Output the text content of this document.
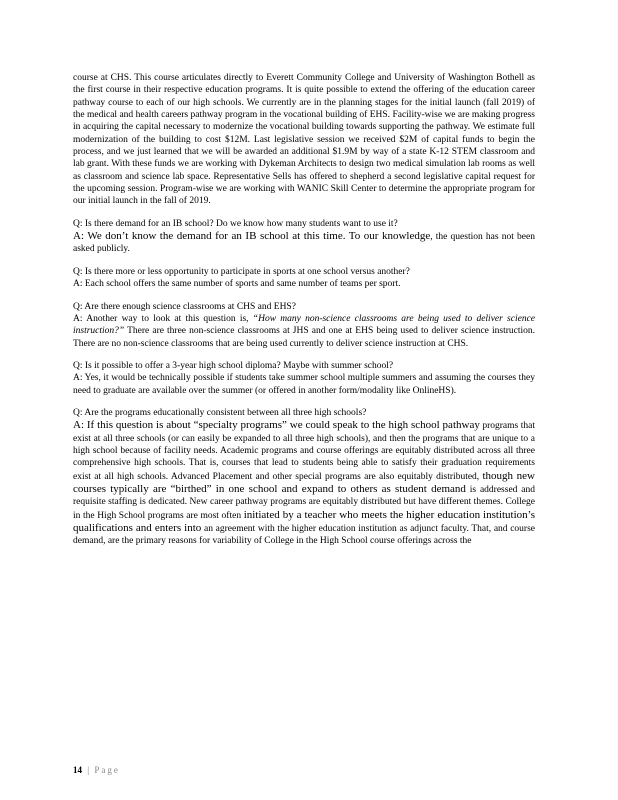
course at CHS. This course articulates directly to Everett Community College and University of Washington Bothell as the first course in their respective education programs. It is quite possible to extend the offering of the education career pathway course to each of our high schools. We currently are in the planning stages for the initial launch (fall 2019) of the medical and health careers pathway program in the vocational building of EHS. Facility-wise we are making progress in acquiring the capital necessary to modernize the vocational building towards supporting the pathway. We estimate full modernization of the building to cost $12M. Last legislative session we received $2M of capital funds to begin the process, and we just learned that we will be awarded an additional $1.9M by way of a state K-12 STEM classroom and lab grant. With these funds we are working with Dykeman Architects to design two medical simulation lab rooms as well as classroom and science lab space. Representative Sells has offered to shepherd a second legislative capital request for the upcoming session. Program-wise we are working with WANIC Skill Center to determine the appropriate program for our initial launch in the fall of 2019.

Q: Is there demand for an IB school? Do we know how many students want to use it?
A: We don’t know the demand for an IB school at this time. To our knowledge, the question has not been asked publicly.

Q: Is there more or less opportunity to participate in sports at one school versus another?
A: Each school offers the same number of sports and same number of teams per sport.

Q: Are there enough science classrooms at CHS and EHS?
A: Another way to look at this question is, “How many non-science classrooms are being used to deliver science instruction?” There are three non-science classrooms at JHS and one at EHS being used to deliver science instruction. There are no non-science classrooms that are being used currently to deliver science instruction at CHS.

Q: Is it possible to offer a 3-year high school diploma? Maybe with summer school?
A: Yes, it would be technically possible if students take summer school multiple summers and assuming the courses they need to graduate are available over the summer (or offered in another form/modality like OnlineHS).

Q: Are the programs educationally consistent between all three high schools?
A: If this question is about “specialty programs” we could speak to the high school pathway programs that exist at all three schools (or can easily be expanded to all three high schools), and then the programs that are unique to a high school because of facility needs. Academic programs and course offerings are equitably distributed across all three comprehensive high schools. That is, courses that lead to students being able to satisfy their graduation requirements exist at all high schools. Advanced Placement and other special programs are also equitably distributed, though new courses typically are “birthed” in one school and expand to others as student demand is addressed and requisite staffing is dedicated. New career pathway programs are equitably distributed but have different themes. College in the High School programs are most often initiated by a teacher who meets the higher education institution’s qualifications and enters into an agreement with the higher education institution as adjunct faculty. That, and course demand, are the primary reasons for variability of College in the High School course offerings across the

14 | Page
